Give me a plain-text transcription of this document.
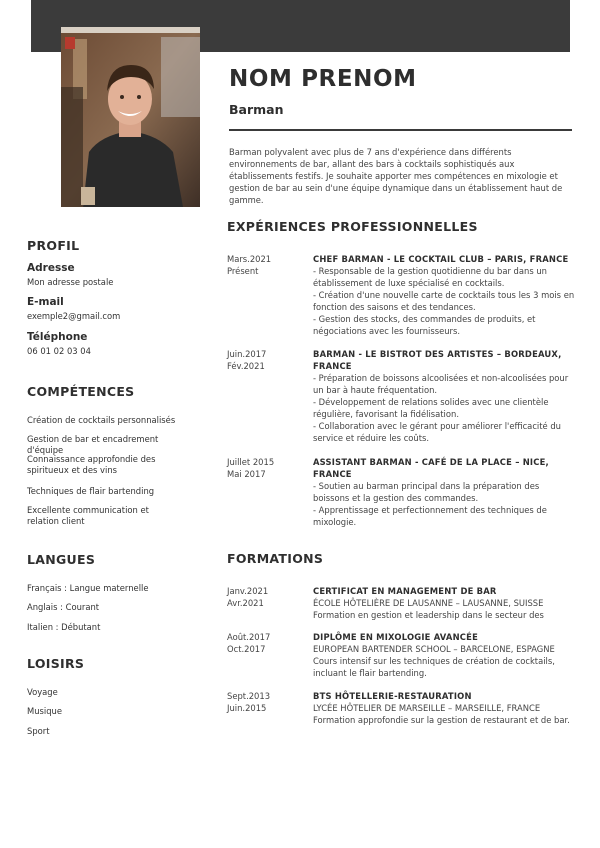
NOM PRENOM
Barman
Barman polyvalent avec plus de 7 ans d'expérience dans différents environnements de bar, allant des bars à cocktails sophistiqués aux établissements festifs. Je souhaite apporter mes compétences en mixologie et gestion de bar au sein d'une équipe dynamique dans un établissement haut de gamme.
PROFIL
Adresse
Mon adresse postale
E-mail
exemple2@gmail.com
Téléphone
06 01 02 03 04
COMPÉTENCES
Création de cocktails personnalisés
Gestion de bar et encadrement d'équipe
Connaissance approfondie des spiritueux et des vins
Techniques de flair bartending
Excellente communication et relation client
LANGUES
Français : Langue maternelle
Anglais : Courant
Italien : Débutant
LOISIRS
Voyage
Musique
Sport
EXPÉRIENCES PROFESSIONNELLES
Mars.2021
Présent
CHEF BARMAN - LE COCKTAIL CLUB – PARIS, FRANCE
- Responsable de la gestion quotidienne du bar dans un établissement de luxe spécialisé en cocktails.
- Création d'une nouvelle carte de cocktails tous les 3 mois en fonction des saisons et des tendances.
- Gestion des stocks, des commandes de produits, et négociations avec les fournisseurs.
Juin.2017
Fév.2021
BARMAN - LE BISTROT DES ARTISTES – BORDEAUX, FRANCE
- Préparation de boissons alcoolisées et non-alcoolisées pour un bar à haute fréquentation.
- Développement de relations solides avec une clientèle régulière, favorisant la fidélisation.
- Collaboration avec le gérant pour améliorer l'efficacité du service et réduire les coûts.
Juillet 2015
Mai 2017
ASSISTANT BARMAN - CAFÉ DE LA PLACE – NICE, FRANCE
- Soutien au barman principal dans la préparation des boissons et la gestion des commandes.
- Apprentissage et perfectionnement des techniques de mixologie.
FORMATIONS
Janv.2021
Avr.2021
CERTIFICAT EN MANAGEMENT DE BAR
ÉCOLE HÔTELIÈRE DE LAUSANNE – LAUSANNE, SUISSE
Formation en gestion et leadership dans le secteur des
Août.2017
Oct.2017
DIPLÔME EN MIXOLOGIE AVANCÉE
EUROPEAN BARTENDER SCHOOL – BARCELONE, ESPAGNE
Cours intensif sur les techniques de création de cocktails, incluant le flair bartending.
Sept.2013
Juin.2015
BTS HÔTELLERIE-RESTAURATION
LYCÉE HÔTELIER DE MARSEILLE – MARSEILLE, FRANCE
Formation approfondie sur la gestion de restaurant et de bar.
